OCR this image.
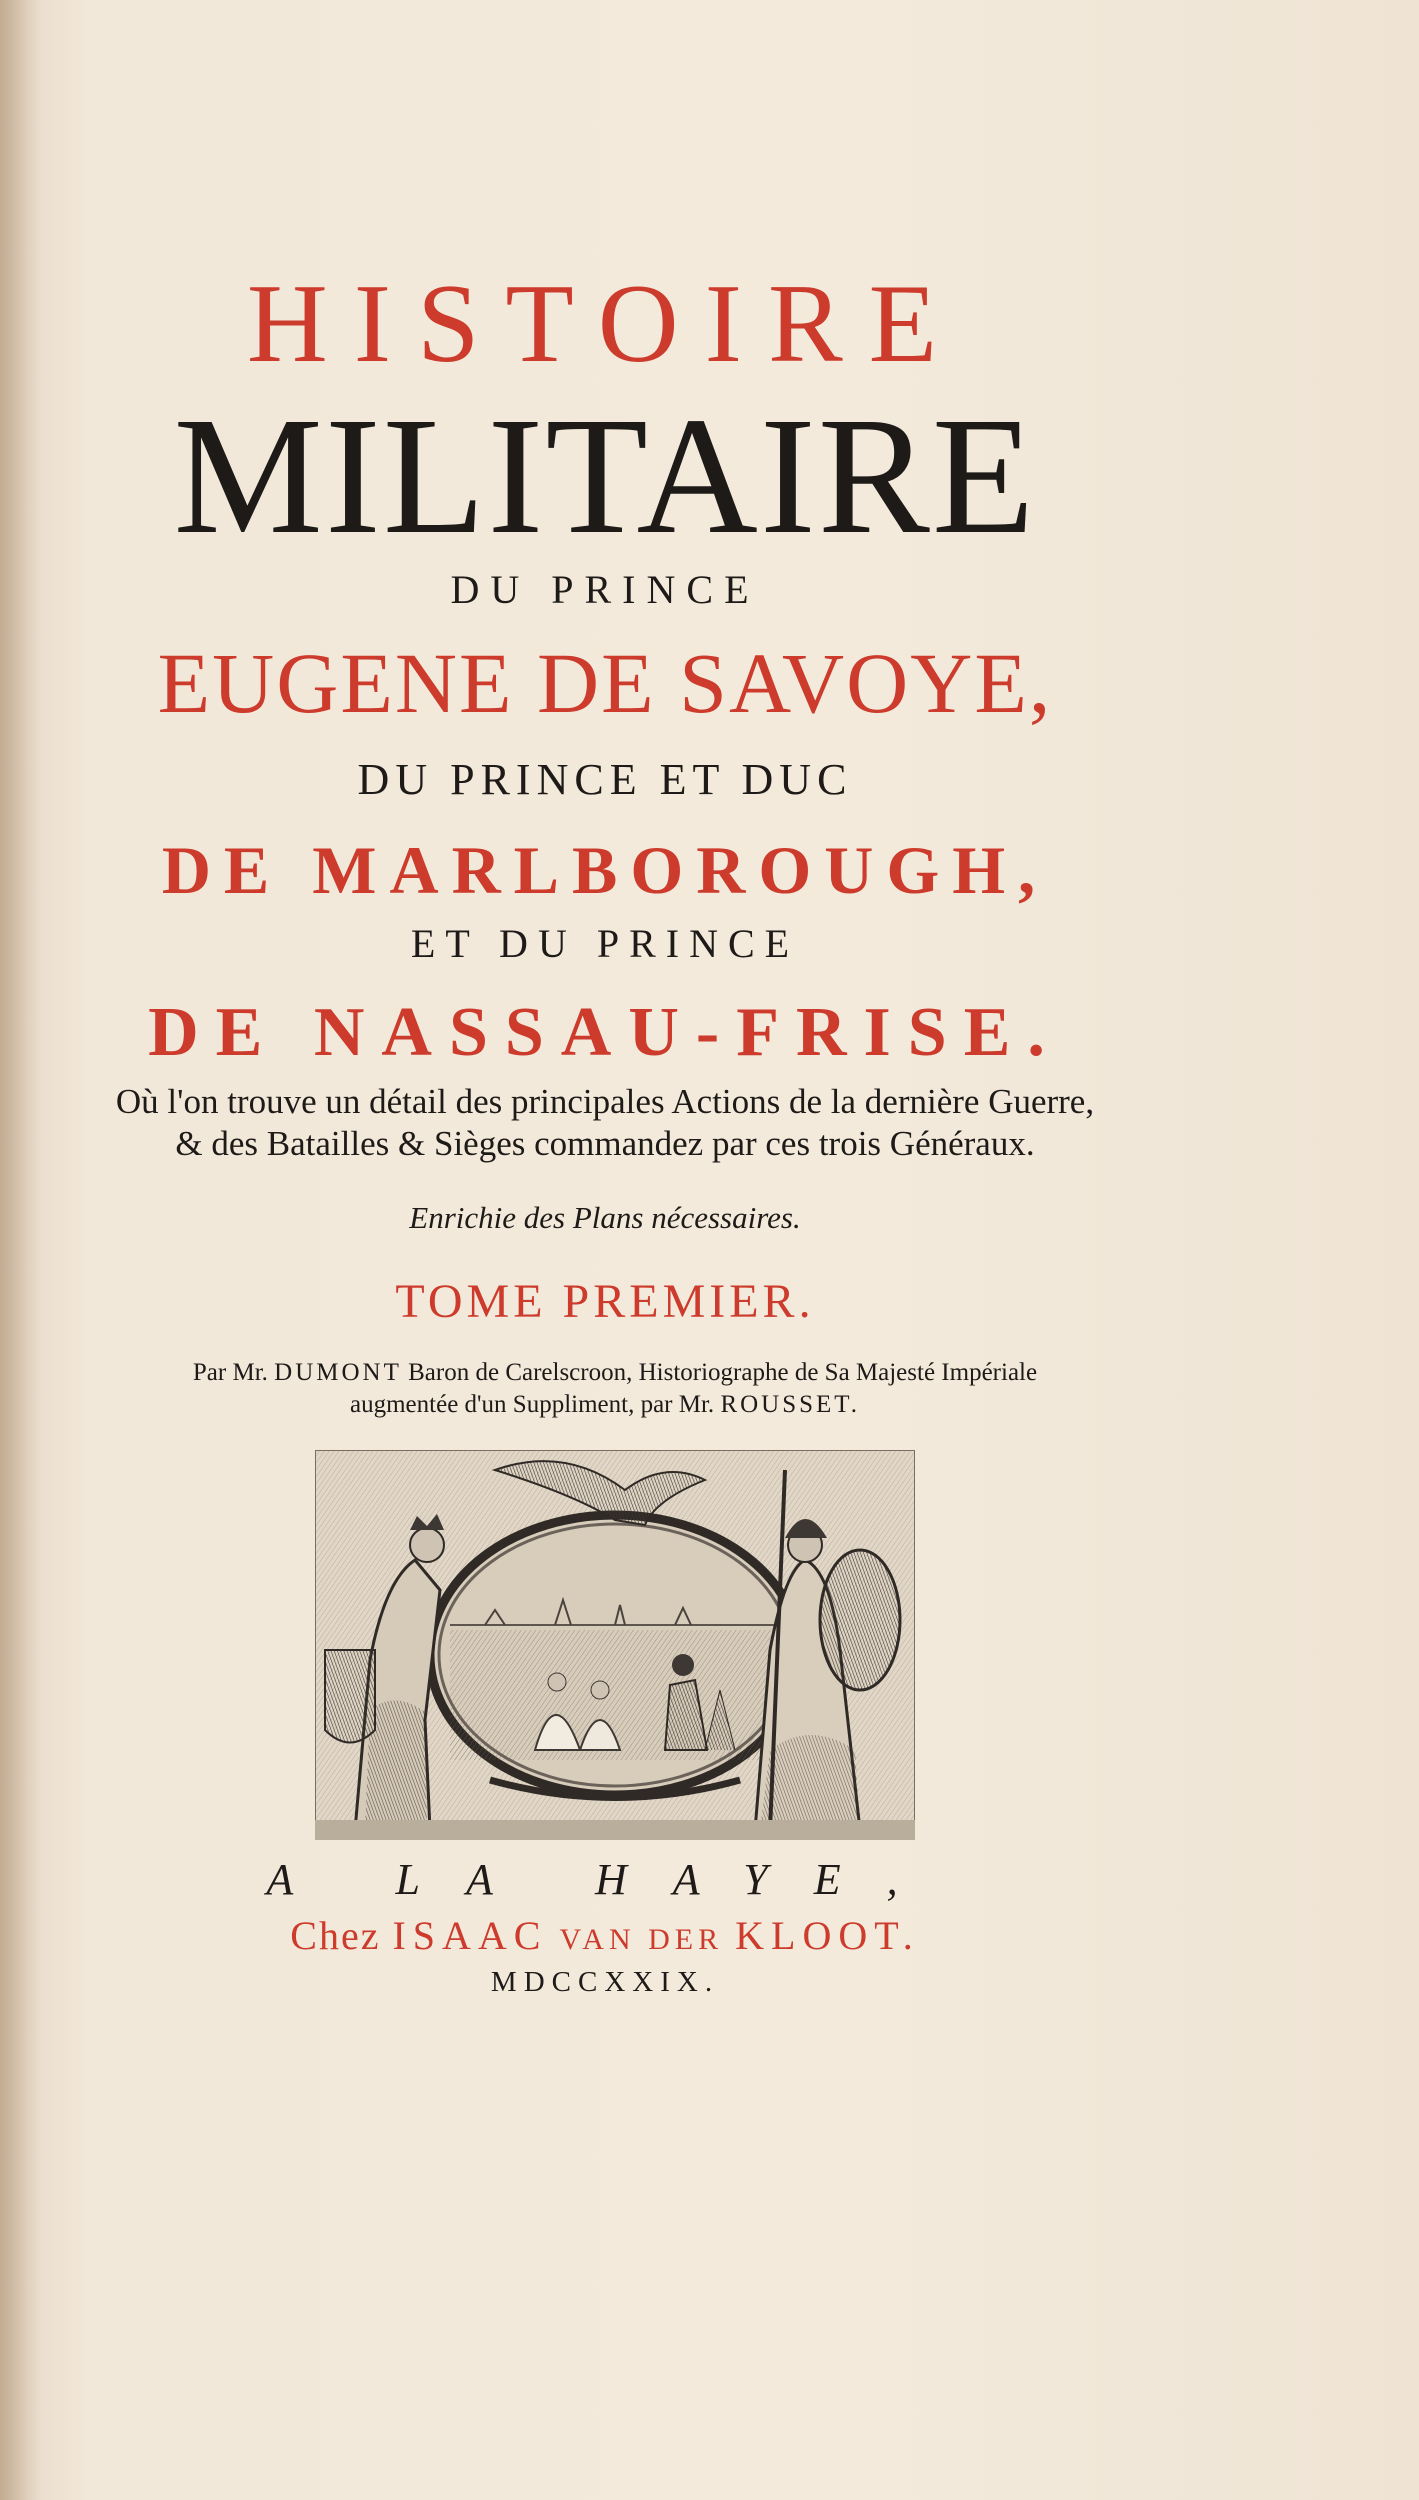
HISTOIRE
MILITAIRE
DU PRINCE
EUGENE DE SAVOYE,
DU PRINCE ET DUC
DE MARLBOROUGH,
ET DU PRINCE
DE NASSAU-FRISE.
Où l'on trouve un détail des principales Actions de la dernière Guerre,
& des Batailles & Sièges commandez par ces trois Généraux.
Enrichie des Plans nécessaires.
TOME PREMIER.
Par Mr. DUMONT Baron de Carelscroon, Historiographe de Sa Majesté Impériale
augmentée d'un Suppliment, par Mr. ROUSSET.
A LA HAYE,
Chez ISAAC VAN DER KLOOT.
MDCCXXIX.
